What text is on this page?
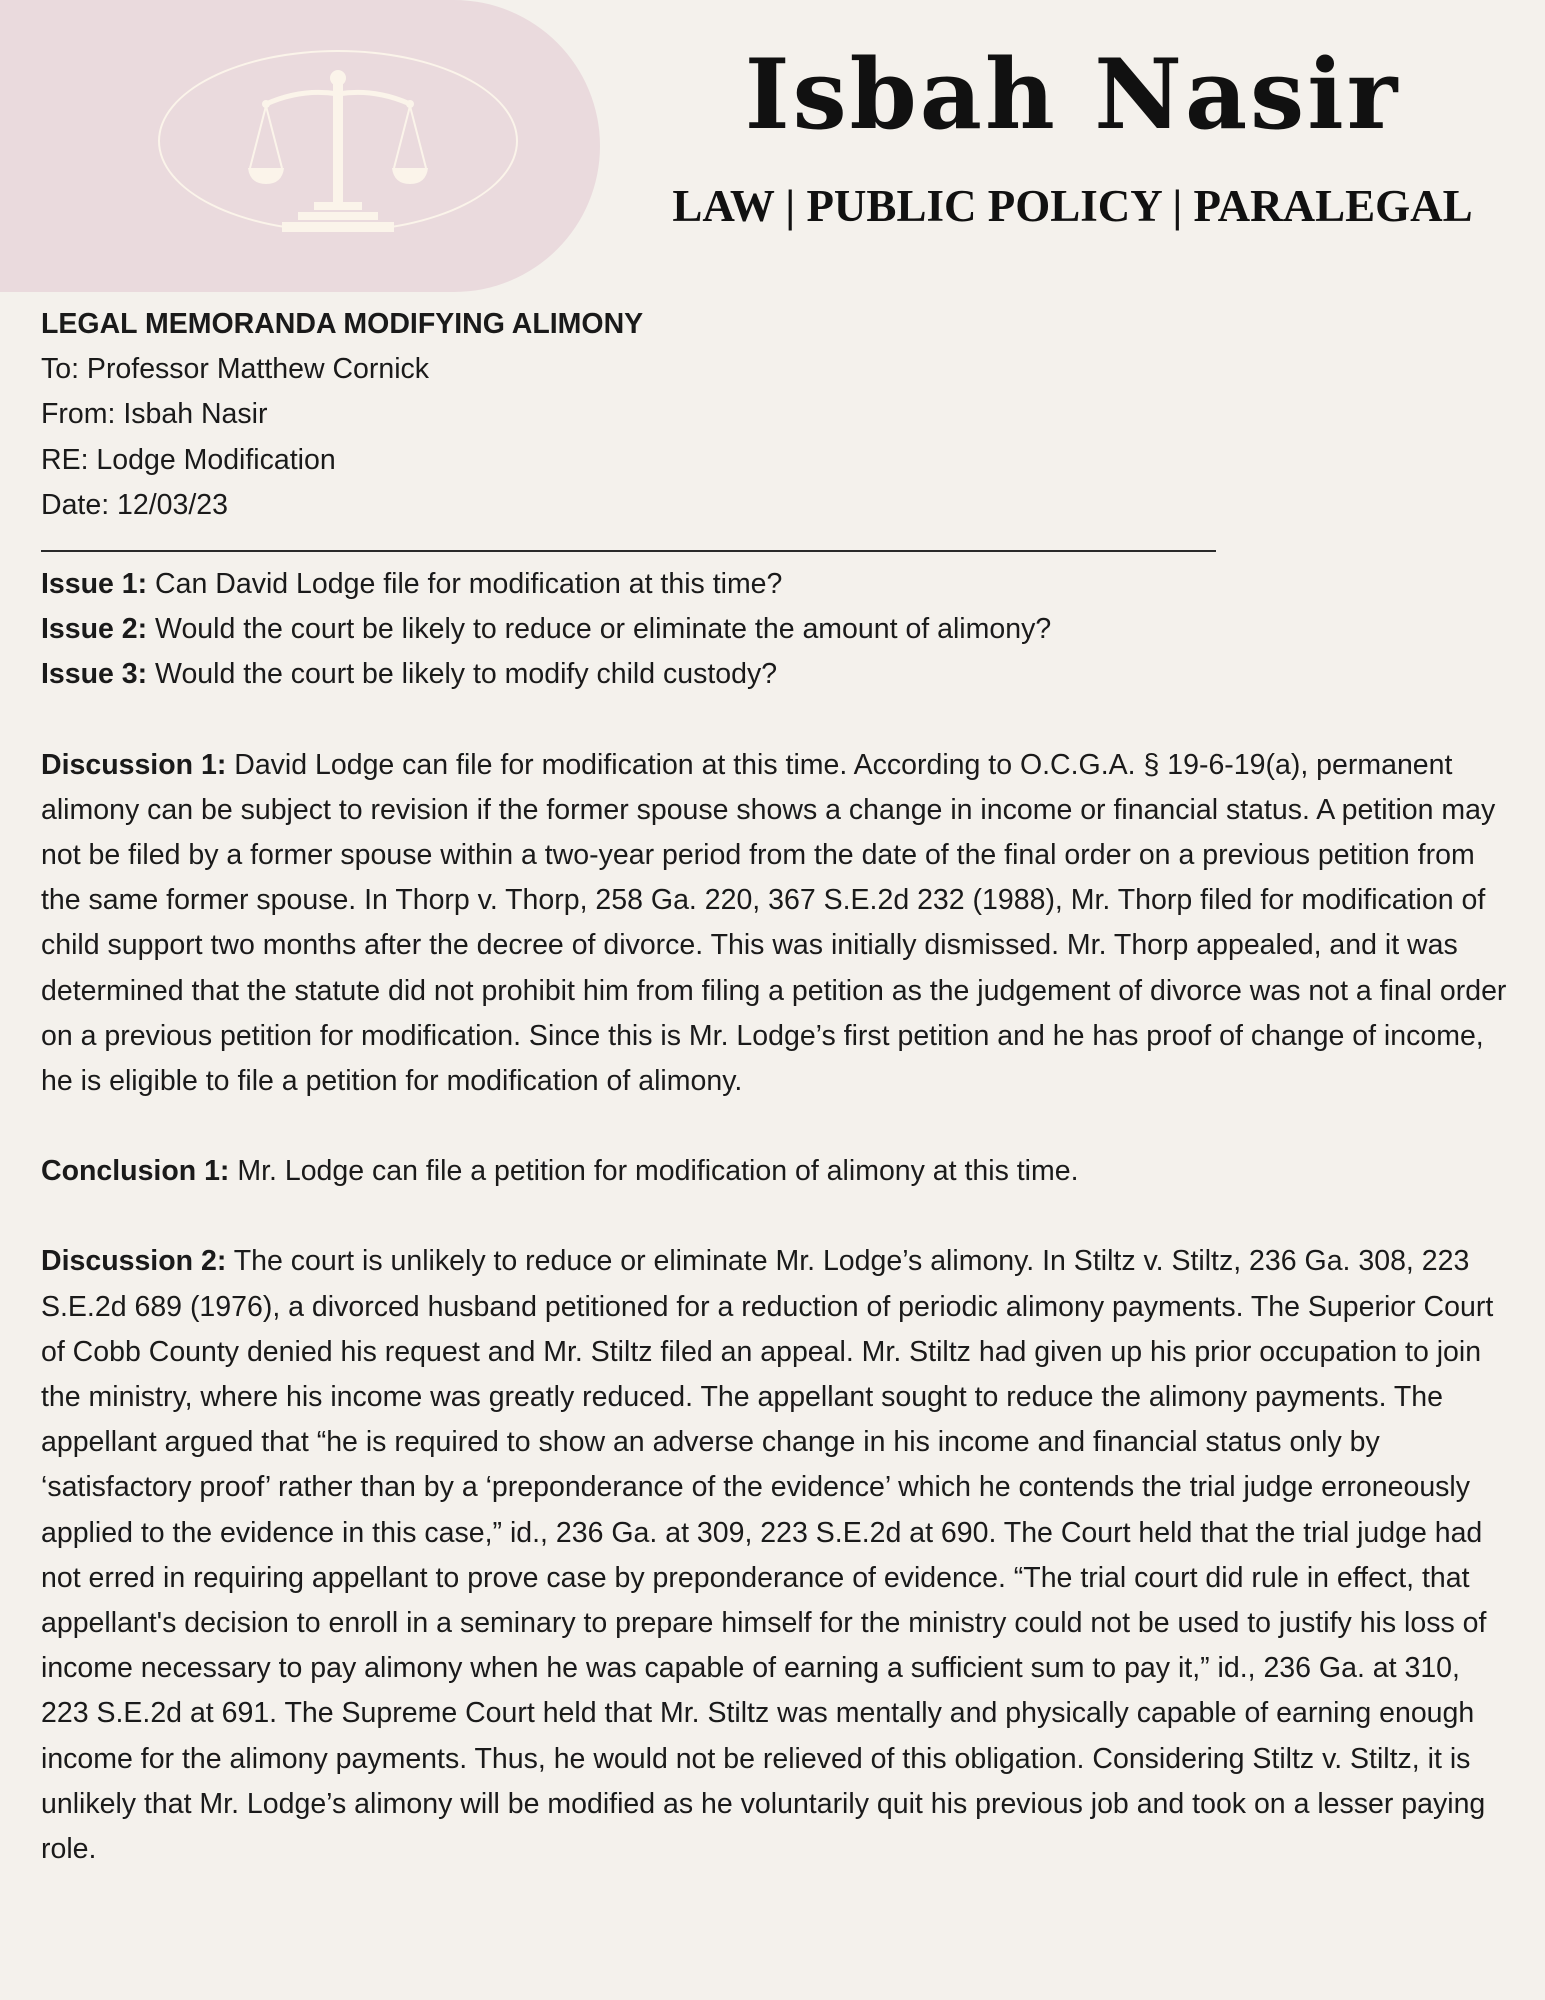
Isbah Nasir
LAW | PUBLIC POLICY | PARALEGAL

LEGAL MEMORANDA MODIFYING ALIMONY

To: Professor Matthew Cornick

From: Isbah Nasir

RE: Lodge Modification

Date: 12/03/23

Issue 1: Can David Lodge file for modification at this time?

Issue 2: Would the court be likely to reduce or eliminate the amount of alimony?

Issue 3: Would the court be likely to modify child custody?

Discussion 1: David Lodge can file for modification at this time. According to O.C.G.A. § 19-6-19(a), permanent alimony can be subject to revision if the former spouse shows a change in income or financial status. A petition may not be filed by a former spouse within a two-year period from the date of the final order on a previous petition from the same former spouse. In Thorp v. Thorp, 258 Ga. 220, 367 S.E.2d 232 (1988), Mr. Thorp filed for modification of child support two months after the decree of divorce. This was initially dismissed. Mr. Thorp appealed, and it was determined that the statute did not prohibit him from filing a petition as the judgement of divorce was not a final order on a previous petition for modification. Since this is Mr. Lodge’s first petition and he has proof of change of income, he is eligible to file a petition for modification of alimony.

Conclusion 1: Mr. Lodge can file a petition for modification of alimony at this time.

Discussion 2: The court is unlikely to reduce or eliminate Mr. Lodge’s alimony. In Stiltz v. Stiltz, 236 Ga. 308, 223 S.E.2d 689 (1976), a divorced husband petitioned for a reduction of periodic alimony payments. The Superior Court of Cobb County denied his request and Mr. Stiltz filed an appeal. Mr. Stiltz had given up his prior occupation to join the ministry, where his income was greatly reduced. The appellant sought to reduce the alimony payments. The appellant argued that “he is required to show an adverse change in his income and financial status only by ‘satisfactory proof’ rather than by a ‘preponderance of the evidence’ which he contends the trial judge erroneously applied to the evidence in this case,” id., 236 Ga. at 309, 223 S.E.2d at 690. The Court held that the trial judge had not erred in requiring appellant to prove case by preponderance of evidence. “The trial court did rule in effect, that appellant's decision to enroll in a seminary to prepare himself for the ministry could not be used to justify his loss of income necessary to pay alimony when he was capable of earning a sufficient sum to pay it,” id., 236 Ga. at 310, 223 S.E.2d at 691. The Supreme Court held that Mr. Stiltz was mentally and physically capable of earning enough income for the alimony payments. Thus, he would not be relieved of this obligation. Considering Stiltz v. Stiltz, it is unlikely that Mr. Lodge’s alimony will be modified as he voluntarily quit his previous job and took on a lesser paying role.
